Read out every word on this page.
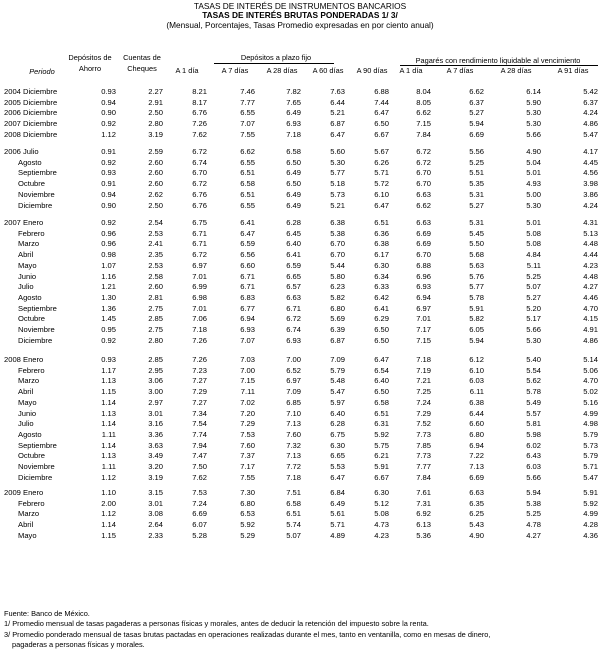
TASAS DE INTERÉS DE INSTRUMENTOS BANCARIOS
TASAS DE INTERÉS BRUTAS PONDERADAS 1/ 3/
(Mensual, Porcentajes, Tasas Promedio expresadas en por ciento anual)
Periodo
Depósitos de
Ahorro
Cuentas de
Cheques
Depósitos a plazo fijo	Pagarés con rendimiento liquidable al vencimiento
A 1 día	A 7 días	A 28 días	A 60 días	A 90 días	A 1 día	A 7 días	A 28 días	A 91 días
2004 Diciembre	0.93	2.27	8.21	7.46	7.82	7.63	6.88	8.04	6.62	6.14	5.42
2005 Diciembre	0.94	2.91	8.17	7.77	7.65	6.44	7.44	8.05	6.37	5.90	6.37
2006 Diciembre	0.90	2.50	6.76	6.55	6.49	5.21	6.47	6.62	5.27	5.30	4.24
2007 Diciembre	0.92	2.80	7.26	7.07	6.93	6.87	6.50	7.15	5.94	5.30	4.86
2008 Diciembre	1.12	3.19	7.62	7.55	7.18	6.47	6.67	7.84	6.69	5.66	5.47
2006 Julio	0.91	2.59	6.72	6.62	6.58	5.60	5.67	6.72	5.56	4.90	4.17
Agosto	0.92	2.60	6.74	6.55	6.50	5.30	6.26	6.72	5.25	5.04	4.45
Septiembre	0.93	2.60	6.70	6.51	6.49	5.77	5.71	6.70	5.51	5.01	4.56
Octubre	0.91	2.60	6.72	6.58	6.50	5.18	5.72	6.70	5.35	4.93	3.98
Noviembre	0.94	2.62	6.76	6.51	6.49	5.73	6.10	6.63	5.31	5.00	3.86
Diciembre	0.90	2.50	6.76	6.55	6.49	5.21	6.47	6.62	5.27	5.30	4.24
2007 Enero	0.92	2.54	6.75	6.41	6.28	6.38	6.51	6.63	5.31	5.01	4.31
Febrero	0.96	2.53	6.71	6.47	6.45	5.38	6.36	6.69	5.45	5.08	5.13
Marzo	0.96	2.41	6.71	6.59	6.40	6.70	6.38	6.69	5.50	5.08	4.48
Abril	0.98	2.35	6.72	6.56	6.41	6.70	6.17	6.70	5.68	4.84	4.44
Mayo	1.07	2.53	6.97	6.60	6.59	5.44	6.30	6.88	5.63	5.11	4.23
Junio	1.16	2.58	7.01	6.71	6.65	5.80	6.34	6.96	5.76	5.25	4.48
Julio	1.21	2.60	6.99	6.71	6.57	6.23	6.33	6.93	5.77	5.07	4.27
Agosto	1.30	2.81	6.98	6.83	6.63	5.82	6.42	6.94	5.78	5.27	4.46
Septiembre	1.36	2.75	7.01	6.77	6.71	6.80	6.41	6.97	5.91	5.20	4.70
Octubre	1.45	2.85	7.06	6.94	6.72	5.69	6.29	7.01	5.82	5.17	4.15
Noviembre	0.95	2.75	7.18	6.93	6.74	6.39	6.50	7.17	6.05	5.66	4.91
Diciembre	0.92	2.80	7.26	7.07	6.93	6.87	6.50	7.15	5.94	5.30	4.86
2008 Enero	0.93	2.85	7.26	7.03	7.00	7.09	6.47	7.18	6.12	5.40	5.14
Febrero	1.17	2.95	7.23	7.00	6.52	5.79	6.54	7.19	6.10	5.54	5.06
Marzo	1.13	3.06	7.27	7.15	6.97	5.48	6.40	7.21	6.03	5.62	4.70
Abril	1.15	3.00	7.29	7.11	7.09	5.47	6.50	7.25	6.11	5.78	5.02
Mayo	1.14	2.97	7.27	7.02	6.85	5.97	6.58	7.24	6.38	5.49	5.16
Junio	1.13	3.01	7.34	7.20	7.10	6.40	6.51	7.29	6.44	5.57	4.99
Julio	1.14	3.16	7.54	7.29	7.13	6.28	6.31	7.52	6.60	5.81	4.98
Agosto	1.11	3.36	7.74	7.53	7.60	6.75	5.92	7.73	6.80	5.98	5.79
Septiembre	1.14	3.63	7.94	7.60	7.32	6.30	5.75	7.85	6.94	6.02	5.73
Octubre	1.13	3.49	7.47	7.37	7.13	6.65	6.21	7.73	7.22	6.43	5.79
Noviembre	1.11	3.20	7.50	7.17	7.72	5.53	5.91	7.77	7.13	6.03	5.71
Diciembre	1.12	3.19	7.62	7.55	7.18	6.47	6.67	7.84	6.69	5.66	5.47
2009 Enero	1.10	3.15	7.53	7.30	7.51	6.84	6.30	7.61	6.63	5.94	5.91
Febrero	2.00	3.01	7.24	6.80	6.58	6.49	5.12	7.31	6.35	5.38	5.92
Marzo	1.12	3.08	6.69	6.53	6.51	5.61	5.08	6.92	6.25	5.25	4.99
Abril	1.14	2.64	6.07	5.92	5.74	5.71	4.73	6.13	5.43	4.78	4.28
Mayo	1.15	2.33	5.28	5.29	5.07	4.89	4.23	5.36	4.90	4.27	4.36
Fuente: Banco de México.
1/ Promedio mensual de tasas pagaderas a personas físicas y morales, antes de deducir la retención del impuesto sobre la renta.
3/ Promedio ponderado mensual de tasas brutas pactadas en operaciones realizadas durante el mes, tanto en ventanilla, como en mesas de dinero,
pagaderas a personas físicas y morales.
